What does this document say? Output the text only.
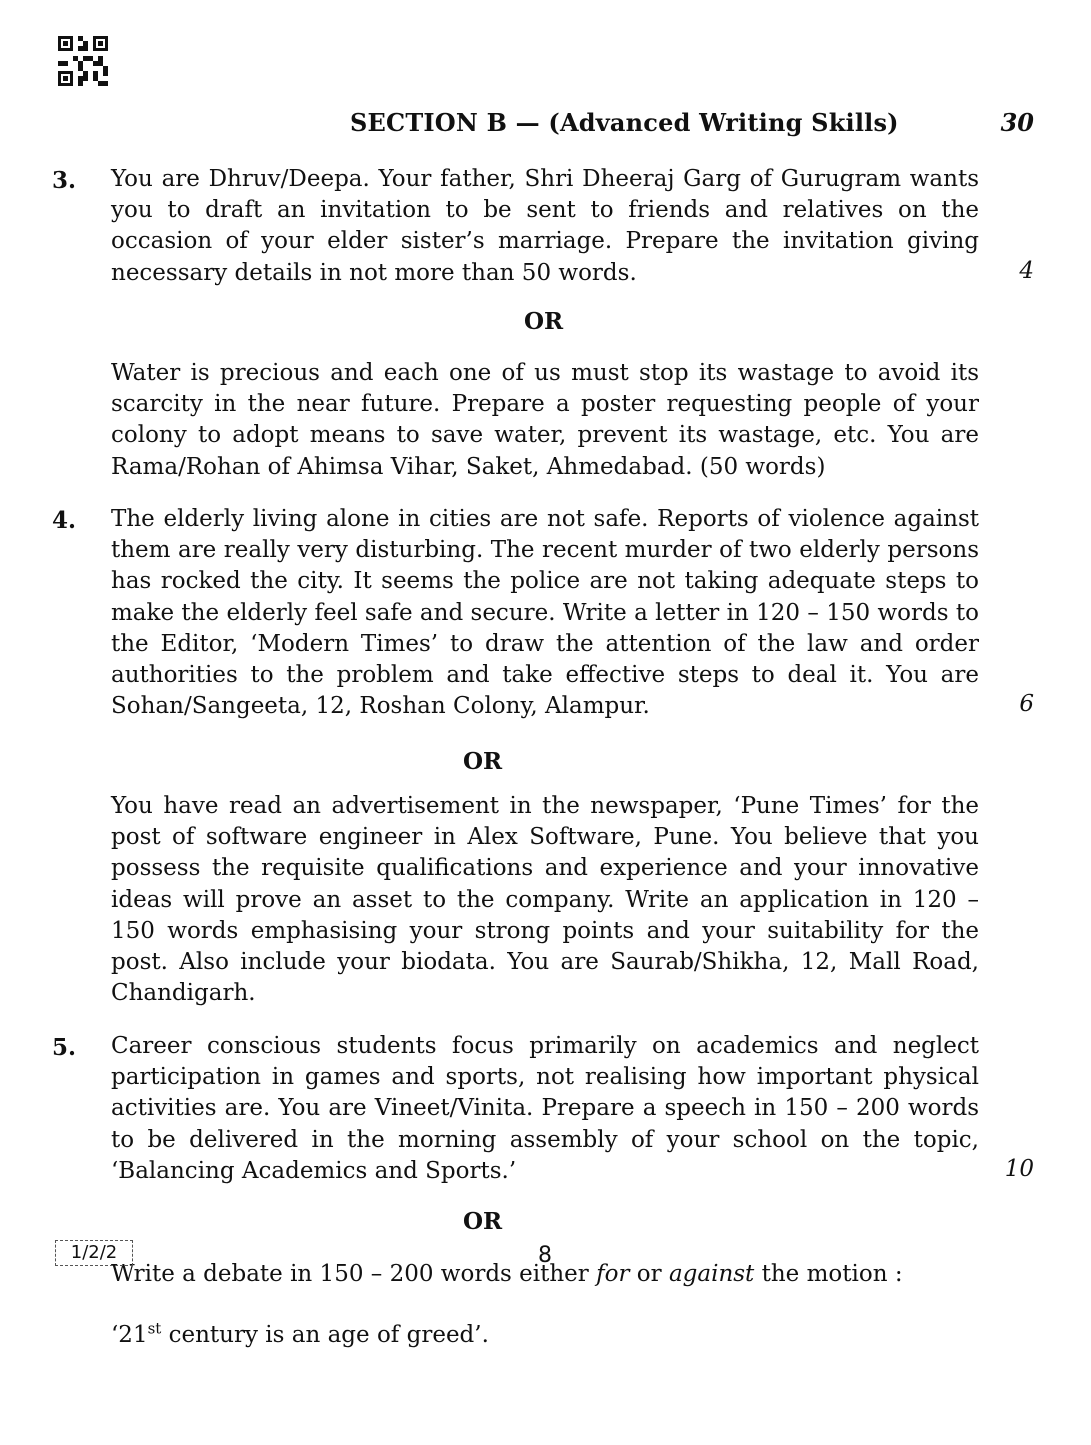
SECTION B — (Advanced Writing Skills)	30
3. You are Dhruv/Deepa. Your father, Shri Dheeraj Garg of Gurugram wants you to draft an invitation to be sent to friends and relatives on the occasion of your elder sister’s marriage. Prepare the invitation giving necessary details in not more than 50 words.	4
OR
Water is precious and each one of us must stop its wastage to avoid its scarcity in the near future. Prepare a poster requesting people of your colony to adopt means to save water, prevent its wastage, etc. You are Rama/Rohan of Ahimsa Vihar, Saket, Ahmedabad. (50 words)
4. The elderly living alone in cities are not safe. Reports of violence against them are really very disturbing. The recent murder of two elderly persons has rocked the city. It seems the police are not taking adequate steps to make the elderly feel safe and secure. Write a letter in 120 – 150 words to the Editor, ‘Modern Times’ to draw the attention of the law and order authorities to the problem and take effective steps to deal it. You are Sohan/Sangeeta, 12, Roshan Colony, Alampur.	6
OR
You have read an advertisement in the newspaper, ‘Pune Times’ for the post of software engineer in Alex Software, Pune. You believe that you possess the requisite qualifications and experience and your innovative ideas will prove an asset to the company. Write an application in 120 – 150 words emphasising your strong points and your suitability for the post. Also include your biodata. You are Saurab/Shikha, 12, Mall Road, Chandigarh.
5. Career conscious students focus primarily on academics and neglect participation in games and sports, not realising how important physical activities are. You are Vineet/Vinita. Prepare a speech in 150 – 200 words to be delivered in the morning assembly of your school on the topic, ‘Balancing Academics and Sports.’	10
OR
Write a debate in 150 – 200 words either for or against the motion :
‘21st century is an age of greed’.
1/2/2	8
